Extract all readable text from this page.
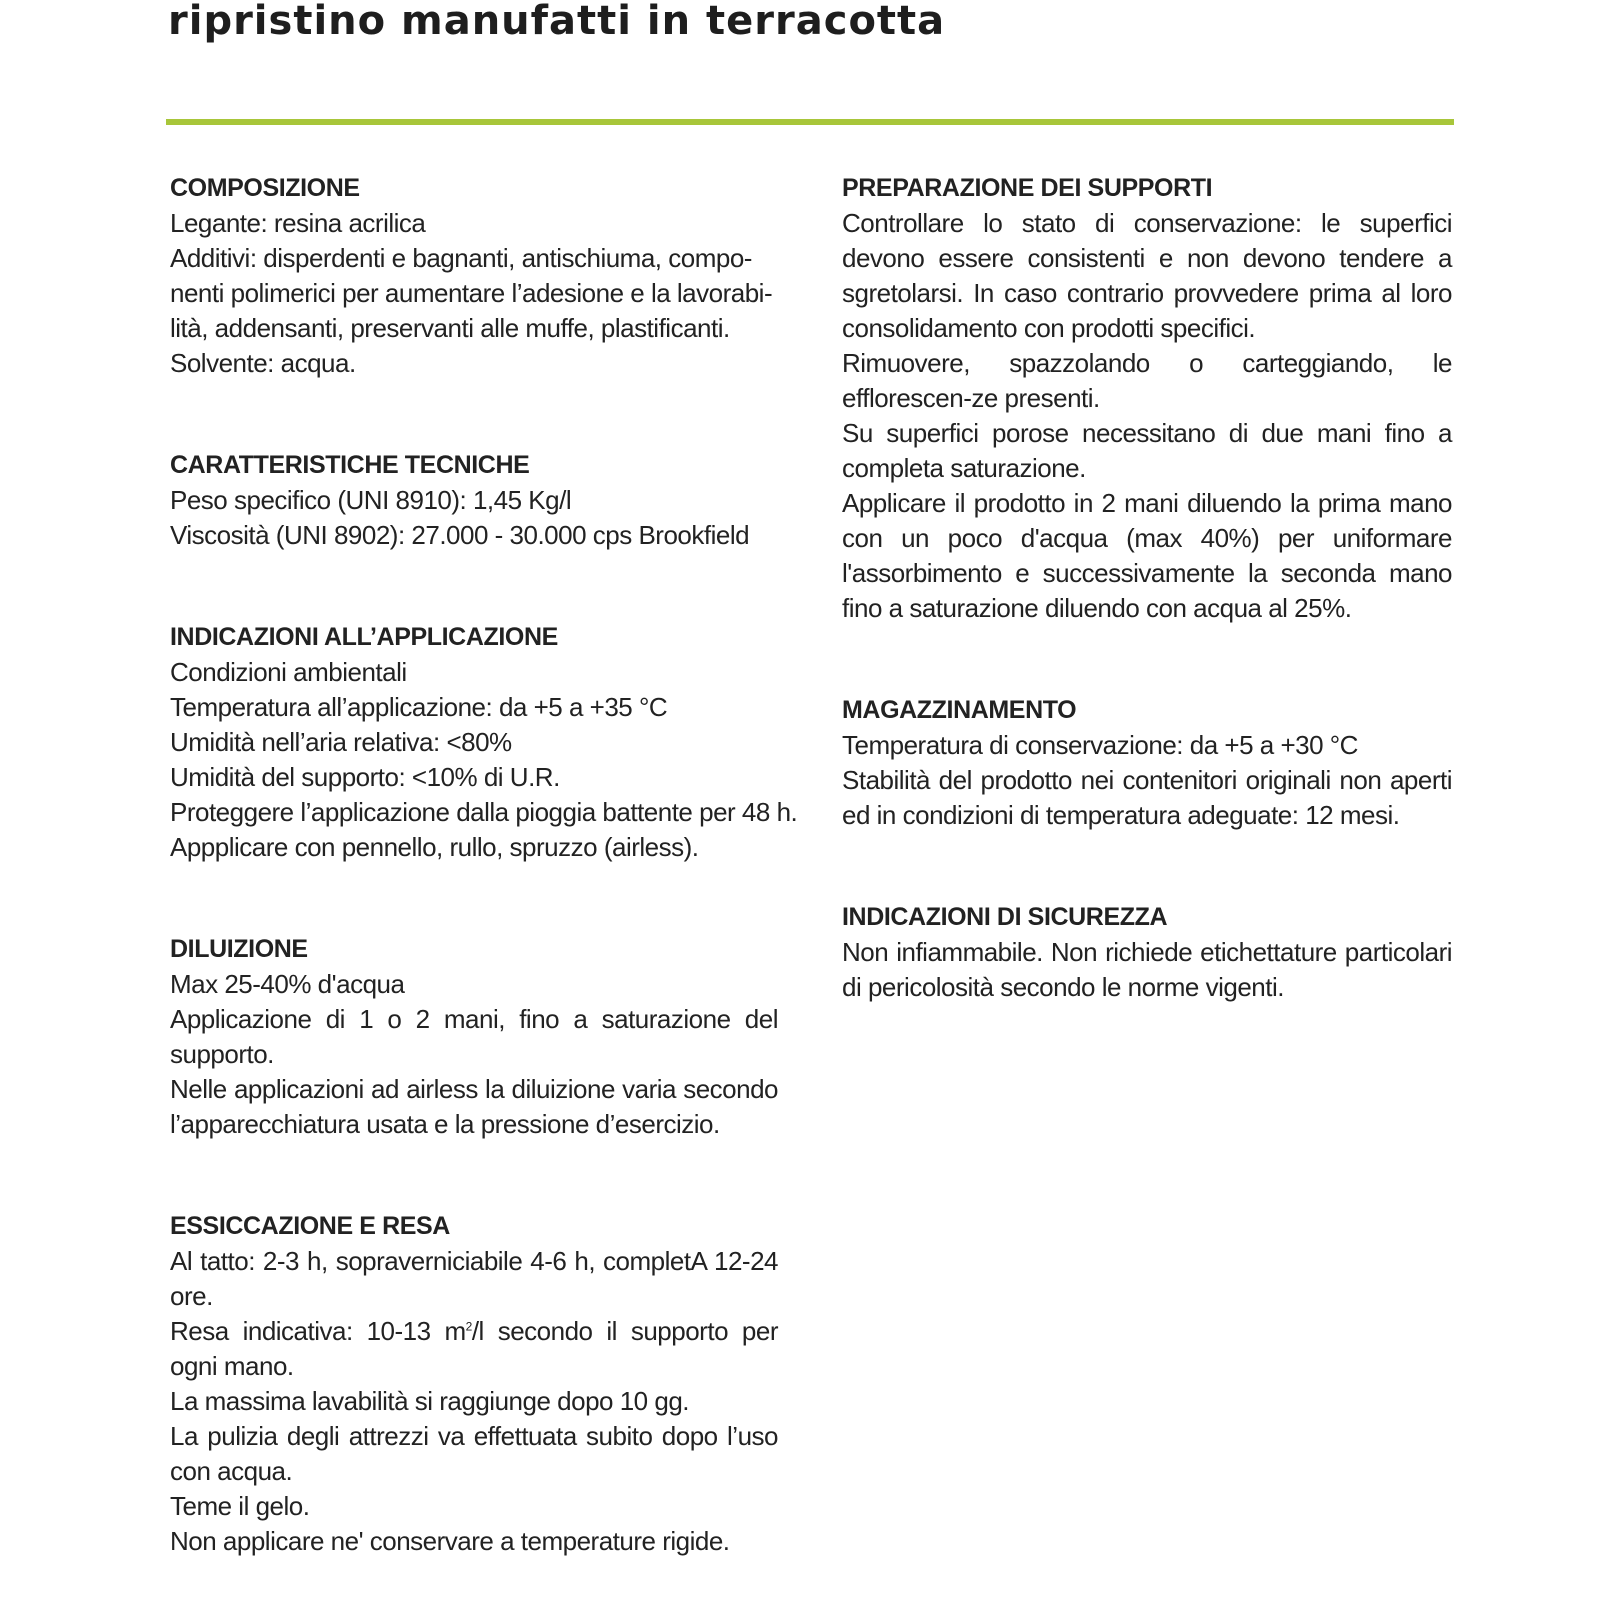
ripristino manufatti in terracotta
COMPOSIZIONE

Legante: resina acrilica

Additivi: disperdenti e bagnanti, antischiuma, compo-

nenti polimerici per aumentare l’adesione e la lavorabi-

lità, addensanti, preservanti alle muffe, plastificanti.

Solvente: acqua.

CARATTERISTICHE TECNICHE

Peso specifico (UNI 8910): 1,45 Kg/l

Viscosità (UNI 8902): 27.000 - 30.000 cps Brookfield

INDICAZIONI ALL’APPLICAZIONE

Condizioni ambientali

Temperatura all’applicazione: da +5 a +35 °C

Umidità nell’aria relativa: <80%

Umidità del supporto: <10% di U.R.

Proteggere l’applicazione dalla pioggia battente per 48 h.

Appplicare con pennello, rullo, spruzzo (airless).

DILUIZIONE

Max 25-40% d'acqua

Applicazione di 1 o 2 mani, fino a saturazione del supporto.

Nelle applicazioni ad airless la diluizione varia secondo l’apparecchiatura usata e la pressione d’esercizio.

ESSICCAZIONE E RESA

Al tatto: 2-3 h, sopraverniciabile 4-6 h, completA 12-24 ore.

Resa indicativa: 10-13 $m^2/l$ secondo il supporto per ogni mano.

La massima lavabilità si raggiunge dopo 10 gg.

La pulizia degli attrezzi va effettuata subito dopo l’uso con acqua.

Teme il gelo.

Non applicare ne' conservare a temperature rigide.

PREPARAZIONE DEI SUPPORTI

Controllare lo stato di conservazione: le superfici devono essere consistenti e non devono tendere a sgretolarsi. In caso contrario provvedere prima al loro consolidamento con prodotti specifici.

Rimuovere, spazzolando o carteggiando, le efflorescen-ze presenti.

Su superfici porose necessitano di due mani fino a completa saturazione.

Applicare il prodotto in 2 mani diluendo la prima mano con un poco d'acqua (max 40%) per uniformare l'assorbimento e successivamente la seconda mano fino a saturazione diluendo con acqua al 25%.

MAGAZZINAMENTO

Temperatura di conservazione: da +5 a +30 °C

Stabilità del prodotto nei contenitori originali non aperti ed in condizioni di temperatura adeguate: 12 mesi.

INDICAZIONI DI SICUREZZA

Non infiammabile. Non richiede etichettature particolari di pericolosità secondo le norme vigenti.
